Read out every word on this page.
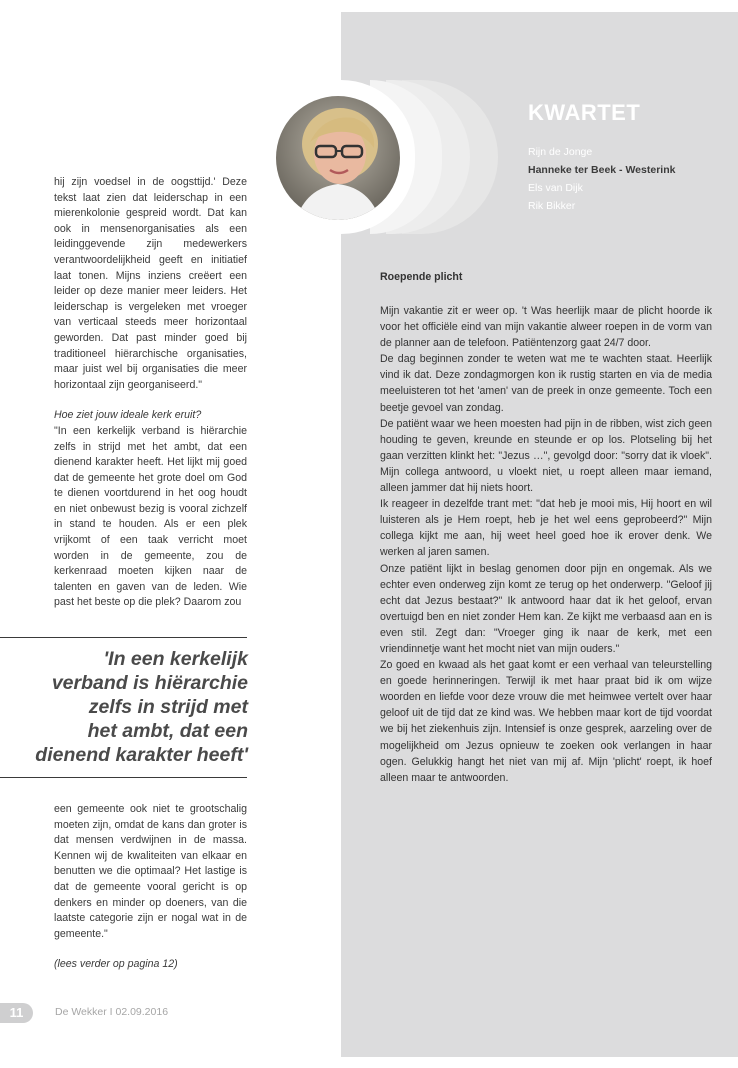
KWARTET
Rijn de Jonge
Hanneke ter Beek - Westerink
Els van Dijk
Rik Bikker

hij zijn voedsel in de oogsttijd.' Deze tekst laat zien dat leiderschap in een mierenkolonie gespreid wordt. Dat kan ook in mensenorganisaties als een leidinggevende zijn medewerkers verantwoordelijkheid geeft en initiatief laat tonen. Mijns inziens creëert een leider op deze manier meer leiders. Het leiderschap is vergeleken met vroeger van verticaal steeds meer horizontaal geworden. Dat past minder goed bij traditioneel hiërarchische organisaties, maar juist wel bij organisaties die meer horizontaal zijn georganiseerd."

Hoe ziet jouw ideale kerk eruit?

"In een kerkelijk verband is hiërarchie zelfs in strijd met het ambt, dat een dienend karakter heeft. Het lijkt mij goed dat de gemeente het grote doel om God te dienen voortdurend in het oog houdt en niet onbewust bezig is vooral zichzelf in stand te houden. Als er een plek vrijkomt of een taak verricht moet worden in de gemeente, zou de kerkenraad moeten kijken naar de talenten en gaven van de leden. Wie past het beste op die plek? Daarom zou

'In een kerkelijk
verband is hiërarchie
zelfs in strijd met
het ambt, dat een
dienend karakter heeft'

een gemeente ook niet te grootschalig moeten zijn, omdat de kans dan groter is dat mensen verdwijnen in de massa. Kennen wij de kwaliteiten van elkaar en benutten we die optimaal? Het lastige is dat de gemeente vooral gericht is op denkers en minder op doeners, van die laatste categorie zijn er nogal wat in de gemeente."

(lees verder op pagina 12)

Roepende plicht

Mijn vakantie zit er weer op. 't Was heerlijk maar de plicht hoorde ik voor het officiële eind van mijn vakantie alweer roepen in de vorm van de planner aan de telefoon. Patiëntenzorg gaat 24/7 door.

De dag beginnen zonder te weten wat me te wachten staat. Heerlijk vind ik dat. Deze zondagmorgen kon ik rustig starten en via de media meeluisteren tot het 'amen' van de preek in onze gemeente. Toch een beetje gevoel van zondag.

De patiënt waar we heen moesten had pijn in de ribben, wist zich geen houding te geven, kreunde en steunde er op los. Plotseling bij het gaan verzitten klinkt het: "Jezus …", gevolgd door: "sorry dat ik vloek". Mijn collega antwoord, u vloekt niet, u roept alleen maar iemand, alleen jammer dat hij niets hoort.

Ik reageer in dezelfde trant met: "dat heb je mooi mis, Hij hoort en wil luisteren als je Hem roept, heb je het wel eens geprobeerd?" Mijn collega kijkt me aan, hij weet heel goed hoe ik erover denk. We werken al jaren samen.

Onze patiënt lijkt in beslag genomen door pijn en ongemak. Als we echter even onderweg zijn komt ze terug op het onderwerp. "Geloof jij echt dat Jezus bestaat?" Ik antwoord haar dat ik het geloof, ervan overtuigd ben en niet zonder Hem kan. Ze kijkt me verbaasd aan en is even stil. Zegt dan: "Vroeger ging ik naar de kerk, met een vriendinnetje want het mocht niet van mijn ouders."

Zo goed en kwaad als het gaat komt er een verhaal van teleurstelling en goede herinneringen. Terwijl ik met haar praat bid ik om wijze woorden en liefde voor deze vrouw die met heimwee vertelt over haar geloof uit de tijd dat ze kind was. We hebben maar kort de tijd voordat we bij het ziekenhuis zijn. Intensief is onze gesprek, aarzeling over de mogelijkheid om Jezus opnieuw te zoeken ook verlangen in haar ogen. Gelukkig hangt het niet van mij af. Mijn 'plicht' roept, ik hoef alleen maar te antwoorden.

11	De Wekker I 02.09.2016
